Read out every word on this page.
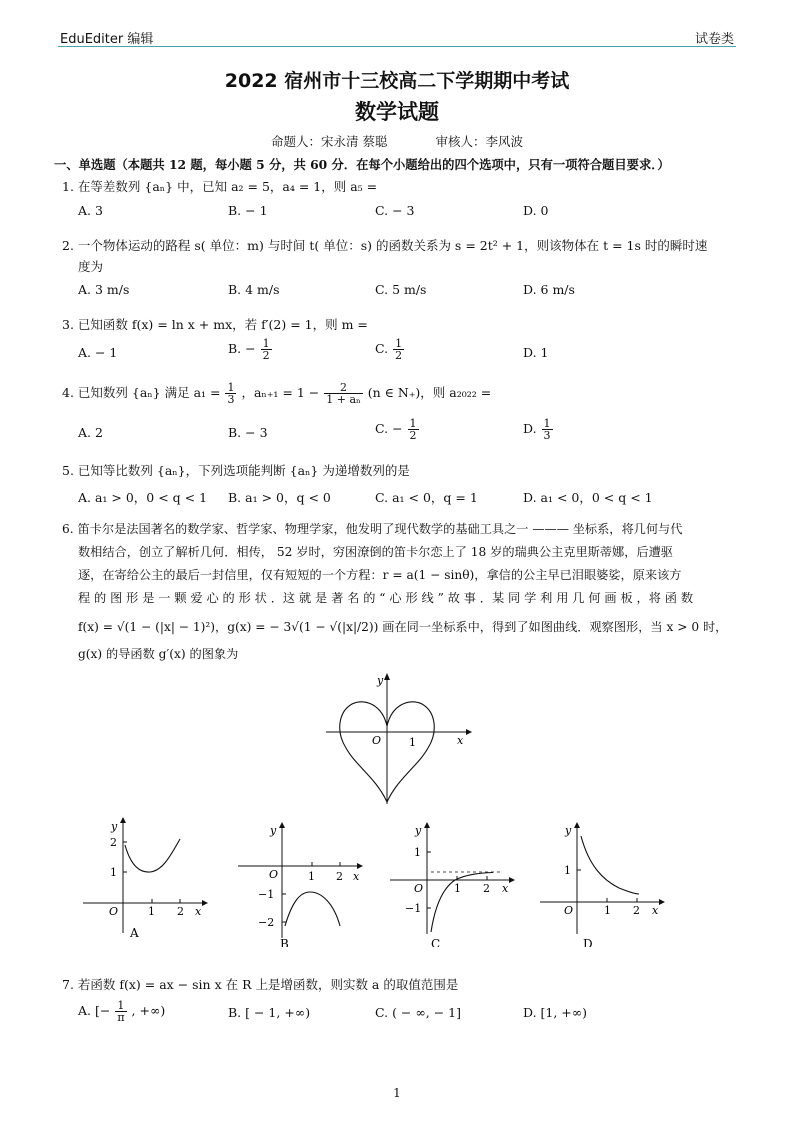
EduEditer 编辑	试卷类
2022 宿州市十三校高二下学期期中考试
数学试题
命题人：宋永清 蔡聪	审核人：李风波
一、单选题（本题共 12 题，每小题 5 分，共 60 分．在每个小题给出的四个选项中，只有一项符合题目要求．）
1. 在等差数列 {aₙ} 中，已知 a₂ = 5，a₄ = 1，则 a₅ =
A. 3	B. − 1	C. − 3	D. 0
2. 一个物体运动的路程 s( 单位：m) 与时间 t( 单位：s) 的函数关系为 s = 2t² + 1，则该物体在 t = 1s 时的瞬时速
度为
A. 3 m/s	B. 4 m/s	C. 5 m/s	D. 6 m/s
3. 已知函数 f(x) = ln x + mx，若 f′(2) = 1，则 m =
A. − 1	B. − $\frac{1}{2}$	C. $\frac{1}{2}$	D. 1
4. 已知数列 {aₙ} 满足 $a_1 = \frac{1}{3}$ ，$a_{n+1} = 1 - \frac{2}{\text{1 + aₙ}} (n$ ∈ N₊)，则 a₂₀₂₂ =
A. 2	B. − 3	C. − $\frac{1}{2}$	D. $\frac{1}{3}$
5. 已知等比数列 {aₙ}，下列选项能判断 {aₙ} 为递增数列的是
A. a₁ > 0，0 < q < 1 B. a₁ > 0，q < 0	C. a₁ < 0，q = 1	D. a₁ < 0，0 < q < 1
6. 笛卡尔是法国著名的数学家、哲学家、物理学家，他发明了现代数学的基础工具之一 ——— 坐标系，将几何与代
数相结合，创立了解析几何．相传， 52 岁时，穷困潦倒的笛卡尔恋上了 18 岁的瑞典公主克里斯蒂娜，后遭驱
逐，在寄给公主的最后一封信里，仅有短短的一个方程：r = a(1 − sinθ)，拿信的公主早已泪眼婆娑，原来该方
程 的 图 形 是 一 颗 爱 心 的 形 状 ．这 就 是 著 名 的 “ 心 形 线 ” 故 事 ．某 同 学 利 用 几 何 画 板 ，将 函 数
f(x) = √(1 − (|x| − 1)²)，g(x) = − 3√(1 − √(|x|/2)) 画在同一坐标系中，得到了如图曲线．观察图形，当 x > 0 时，
g(x) 的导函数 g′(x) 的图象为
y
x
O	1
y
2
1
O	1 2 x
A
y
O	1 2 x
−1
−2
B
y
1
O	1 2 x
−1
C
y
1
O	1 2 x
D
7. 若函数 f(x) = ax − sin x 在 R 上是增函数，则实数 a 的取值范围是
A. [− $\frac{1}{\pi}$ , +∞)	B. [ − 1, +∞)	C. ( − ∞, − 1]	D. [1, +∞)
1
